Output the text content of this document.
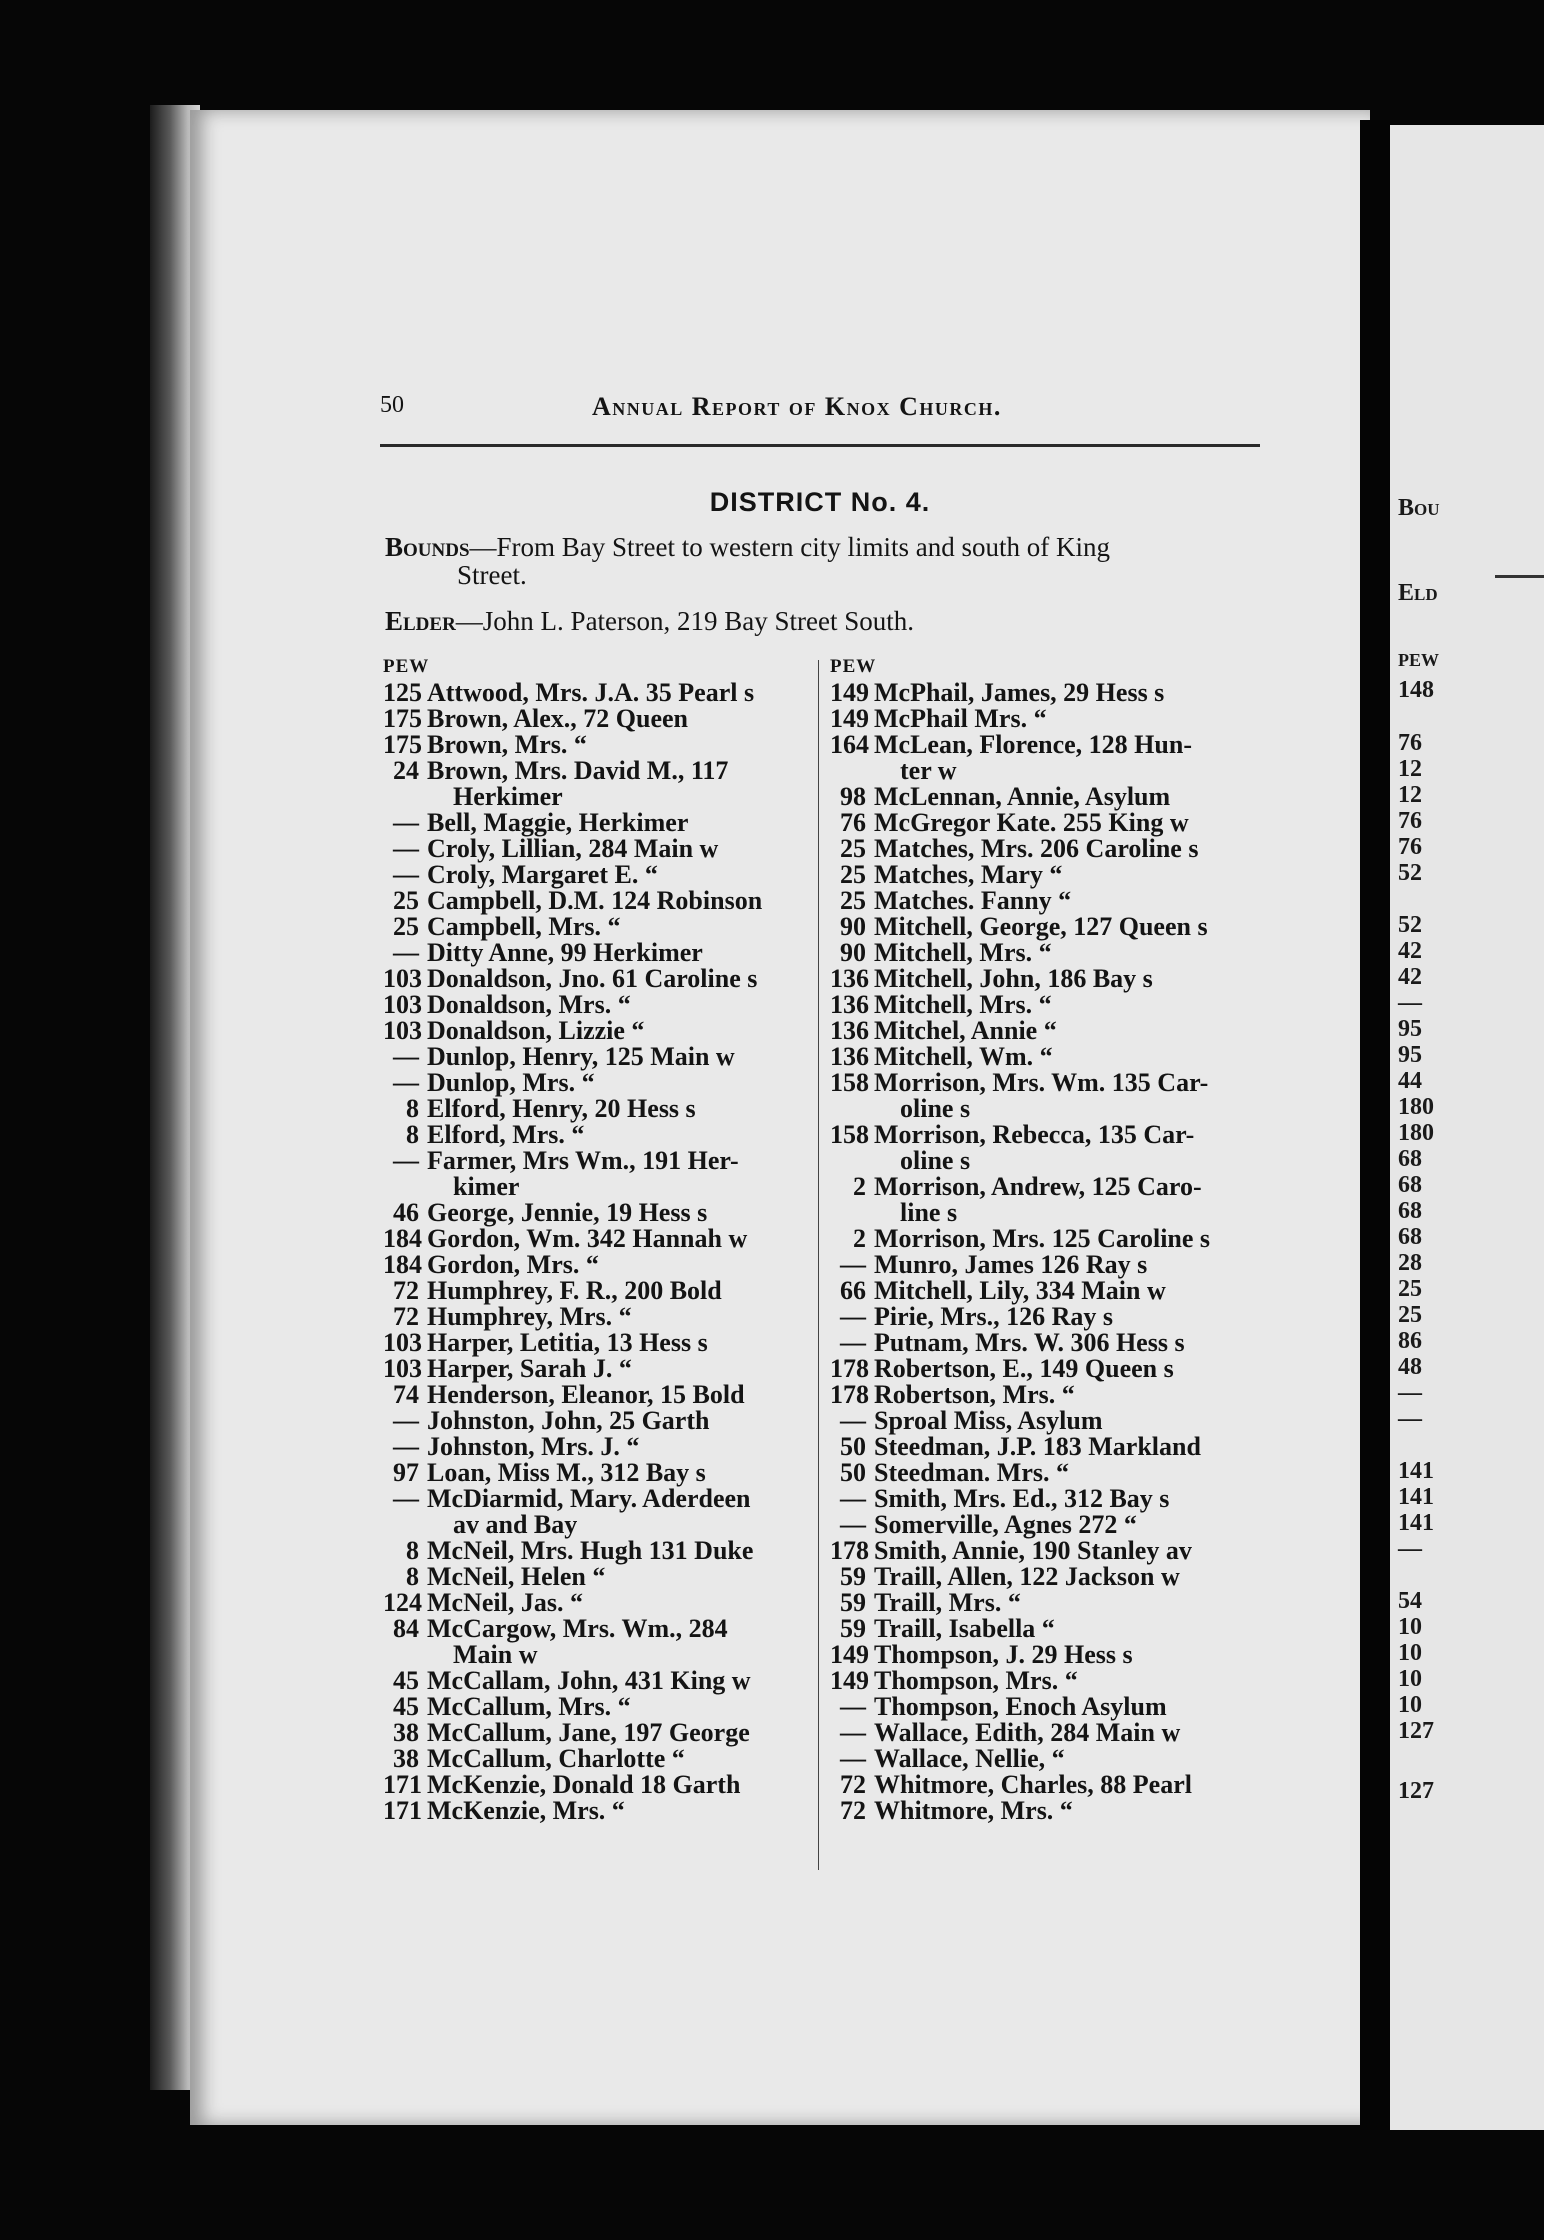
Bou
Eld
PEW
148
76
12
12
76
76
52
52
42
42
—
95
95
44
180
180
68
68
68
68
28
25
25
86
48
—
—
141
141
141
—
54
10
10
10
10
127
127
50	Annual Report of Knox Church.
DISTRICT No. 4.
Bounds—From Bay Street to western city limits and south of King
Street.
Elder—John L. Paterson, 219 Bay Street South.
PEW
125 Attwood, Mrs. J.A. 35 Pearl s
175 Brown, Alex., 72 Queen
175 Brown, Mrs. “
24 Brown, Mrs. David M., 117
Herkimer
— Bell, Maggie, Herkimer
— Croly, Lillian, 284 Main w
— Croly, Margaret E. “
25 Campbell, D.M. 124 Robinson
25 Campbell, Mrs. “
— Ditty Anne, 99 Herkimer
103 Donaldson, Jno. 61 Caroline s
103 Donaldson, Mrs. “
103 Donaldson, Lizzie “
— Dunlop, Henry, 125 Main w
— Dunlop, Mrs. “
8 Elford, Henry, 20 Hess s
8 Elford, Mrs. “
— Farmer, Mrs Wm., 191 Her-
kimer
46 George, Jennie, 19 Hess s
184 Gordon, Wm. 342 Hannah w
184 Gordon, Mrs. “
72 Humphrey, F. R., 200 Bold
72 Humphrey, Mrs. “
103 Harper, Letitia, 13 Hess s
103 Harper, Sarah J. “
74 Henderson, Eleanor, 15 Bold
— Johnston, John, 25 Garth
— Johnston, Mrs. J. “
97 Loan, Miss M., 312 Bay s
— McDiarmid, Mary. Aderdeen
av and Bay
8 McNeil, Mrs. Hugh 131 Duke
8 McNeil, Helen “
124 McNeil, Jas. “
84 McCargow, Mrs. Wm., 284
Main w
45 McCallam, John, 431 King w
45 McCallum, Mrs. “
38 McCallum, Jane, 197 George
38 McCallum, Charlotte “
171 McKenzie, Donald 18 Garth
171 McKenzie, Mrs. “
PEW
149 McPhail, James, 29 Hess s
149 McPhail Mrs. “
164 McLean, Florence, 128 Hun-
ter w
98 McLennan, Annie, Asylum
76 McGregor Kate. 255 King w
25 Matches, Mrs. 206 Caroline s
25 Matches, Mary “
25 Matches. Fanny “
90 Mitchell, George, 127 Queen s
90 Mitchell, Mrs. “
136 Mitchell, John, 186 Bay s
136 Mitchell, Mrs. “
136 Mitchel, Annie “
136 Mitchell, Wm. “
158 Morrison, Mrs. Wm. 135 Car-
oline s
158 Morrison, Rebecca, 135 Car-
oline s
2 Morrison, Andrew, 125 Caro-
line s
2 Morrison, Mrs. 125 Caroline s
— Munro, James 126 Ray s
66 Mitchell, Lily, 334 Main w
— Pirie, Mrs., 126 Ray s
— Putnam, Mrs. W. 306 Hess s
178 Robertson, E., 149 Queen s
178 Robertson, Mrs. “
— Sproal Miss, Asylum
50 Steedman, J.P. 183 Markland
50 Steedman. Mrs. “
— Smith, Mrs. Ed., 312 Bay s
— Somerville, Agnes 272 “
178 Smith, Annie, 190 Stanley av
59 Traill, Allen, 122 Jackson w
59 Traill, Mrs. “
59 Traill, Isabella “
149 Thompson, J. 29 Hess s
149 Thompson, Mrs. “
— Thompson, Enoch Asylum
— Wallace, Edith, 284 Main w
— Wallace, Nellie, “
72 Whitmore, Charles, 88 Pearl
72 Whitmore, Mrs. “
